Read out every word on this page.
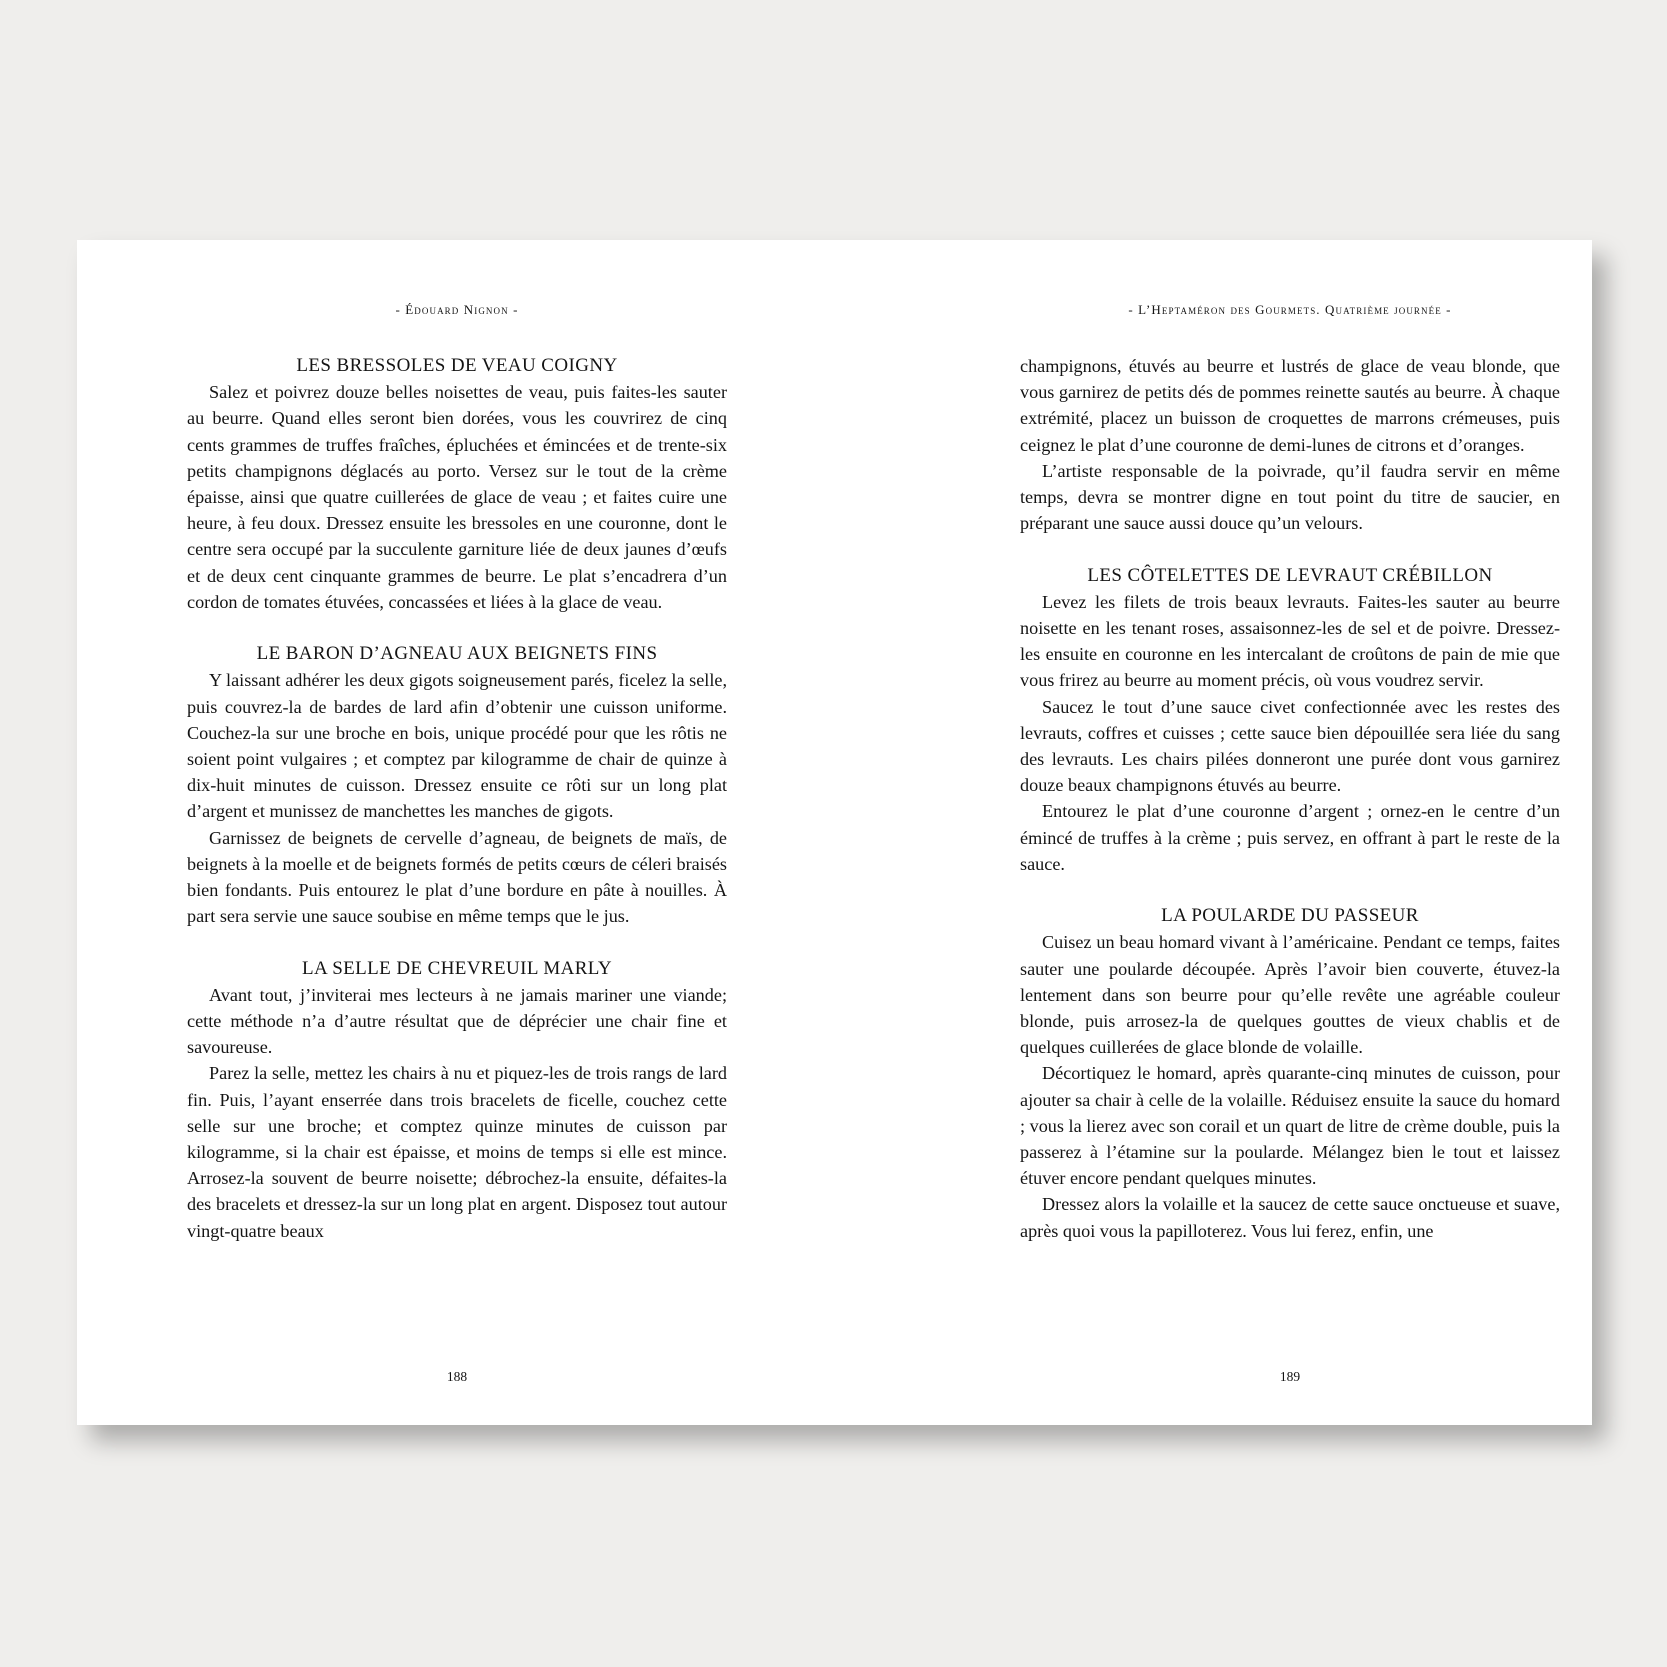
- Édouard Nignon -
LES BRESSOLES DE VEAU COIGNY

Salez et poivrez douze belles noisettes de veau, puis faites-les sauter au beurre. Quand elles seront bien dorées, vous les couvrirez de cinq cents grammes de truffes fraîches, épluchées et émincées et de trente-six petits champignons déglacés au porto. Versez sur le tout de la crème épaisse, ainsi que quatre cuillerées de glace de veau ; et faites cuire une heure, à feu doux. Dressez ensuite les bressoles en une couronne, dont le centre sera occupé par la succulente garniture liée de deux jaunes d’œufs et de deux cent cinquante grammes de beurre. Le plat s’encadrera d’un cordon de tomates étuvées, concassées et liées à la glace de veau.

LE BARON D’AGNEAU AUX BEIGNETS FINS

Y laissant adhérer les deux gigots soigneusement parés, ficelez la selle, puis couvrez-la de bardes de lard afin d’obtenir une cuisson uniforme. Couchez-la sur une broche en bois, unique procédé pour que les rôtis ne soient point vulgaires ; et comptez par kilogramme de chair de quinze à dix-huit minutes de cuisson. Dressez ensuite ce rôti sur un long plat d’argent et munissez de manchettes les manches de gigots.

Garnissez de beignets de cervelle d’agneau, de beignets de maïs, de beignets à la moelle et de beignets formés de petits cœurs de céleri braisés bien fondants. Puis entourez le plat d’une bordure en pâte à nouilles. À part sera servie une sauce soubise en même temps que le jus.

LA SELLE DE CHEVREUIL MARLY

Avant tout, j’inviterai mes lecteurs à ne jamais mariner une viande; cette méthode n’a d’autre résultat que de déprécier une chair fine et savoureuse.

Parez la selle, mettez les chairs à nu et piquez-les de trois rangs de lard fin. Puis, l’ayant enserrée dans trois bracelets de ficelle, couchez cette selle sur une broche; et comptez quinze minutes de cuisson par kilogramme, si la chair est épaisse, et moins de temps si elle est mince. Arrosez-la souvent de beurre noisette; débrochez-la ensuite, défaites-la des bracelets et dressez-la sur un long plat en argent. Disposez tout autour vingt-quatre beaux

188
- L’Heptaméron des Gourmets. Quatrième journée -

champignons, étuvés au beurre et lustrés de glace de veau blonde, que vous garnirez de petits dés de pommes reinette sautés au beurre. À chaque extrémité, placez un buisson de croquettes de marrons crémeuses, puis ceignez le plat d’une couronne de demi-lunes de citrons et d’oranges.

L’artiste responsable de la poivrade, qu’il faudra servir en même temps, devra se montrer digne en tout point du titre de saucier, en préparant une sauce aussi douce qu’un velours.

LES CÔTELETTES DE LEVRAUT CRÉBILLON

Levez les filets de trois beaux levrauts. Faites-les sauter au beurre noisette en les tenant roses, assaisonnez-les de sel et de poivre. Dressez-les ensuite en couronne en les intercalant de croûtons de pain de mie que vous frirez au beurre au moment précis, où vous voudrez servir.

Saucez le tout d’une sauce civet confectionnée avec les restes des levrauts, coffres et cuisses ; cette sauce bien dépouillée sera liée du sang des levrauts. Les chairs pilées donneront une purée dont vous garnirez douze beaux champignons étuvés au beurre.

Entourez le plat d’une couronne d’argent ; ornez-en le centre d’un émincé de truffes à la crème ; puis servez, en offrant à part le reste de la sauce.

LA POULARDE DU PASSEUR

Cuisez un beau homard vivant à l’américaine. Pendant ce temps, faites sauter une poularde découpée. Après l’avoir bien couverte, étuvez-la lentement dans son beurre pour qu’elle revête une agréable couleur blonde, puis arrosez-la de quelques gouttes de vieux chablis et de quelques cuillerées de glace blonde de volaille.

Décortiquez le homard, après quarante-cinq minutes de cuisson, pour ajouter sa chair à celle de la volaille. Réduisez ensuite la sauce du homard ; vous la lierez avec son corail et un quart de litre de crème double, puis la passerez à l’étamine sur la poularde. Mélangez bien le tout et laissez étuver encore pendant quelques minutes.

Dressez alors la volaille et la saucez de cette sauce onctueuse et suave, après quoi vous la papilloterez. Vous lui ferez, enfin, une

189
